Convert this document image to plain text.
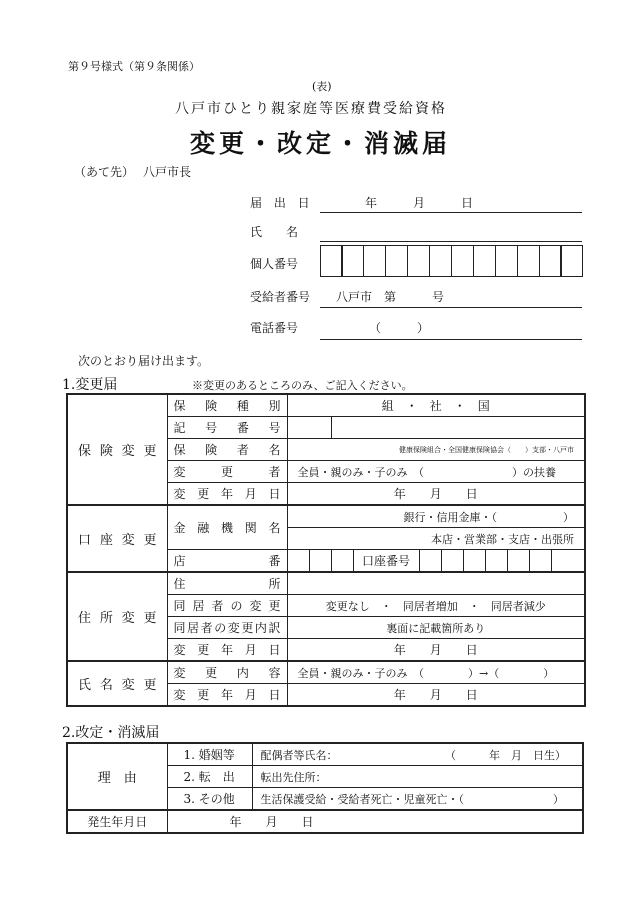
第９号様式（第９条関係）
(表)
八戸市ひとり親家庭等医療費受給資格
変更・改定・消滅届
（あて先） 八戸市長
届 出 日	年　　　月　　　日
氏　　名
個人番号
受給者番号 八戸市　第　　　号
電話番号	（　　　）
次のとおり届け出ます。
1.変更届	※変更のあるところのみ、ご記入ください。
保険変更	保険種別	組　・　社　・　国										
	記号番号											
	保険者名	健康保険組合・全国健康保険協会（　　）支部・八戸市										
	変更者	全員・親のみ・子のみ　（　　　　　　　　）の扶養										
	変更年月日	年　　月　　日										
口座変更	金融機関名	銀行・信用金庫・（　　　　　　）										
		本店・営業部・支店・出張所										
	店番				口座番号							
住所変更	住所											
	同居者の変更	変更なし　・　同居者増加　・　同居者減少										
	同居者の変更内訳	裏面に記載箇所あり										
	変更年月日	年　　月　　日										
氏名変更	変更内容	全員・親のみ・子のみ　（　　　　）→（　　　　）										
	変更年月日	年　　月　　日										
2.改定・消滅届
理　由	1. 婚姻等	配偶者等氏名： （　　　年　月　日生）

	2. 転　出	転出先住所：
	3. その他	生活保護受給・受給者死亡・児童死亡・（ ）

発生年月日	年　　月　　日	
